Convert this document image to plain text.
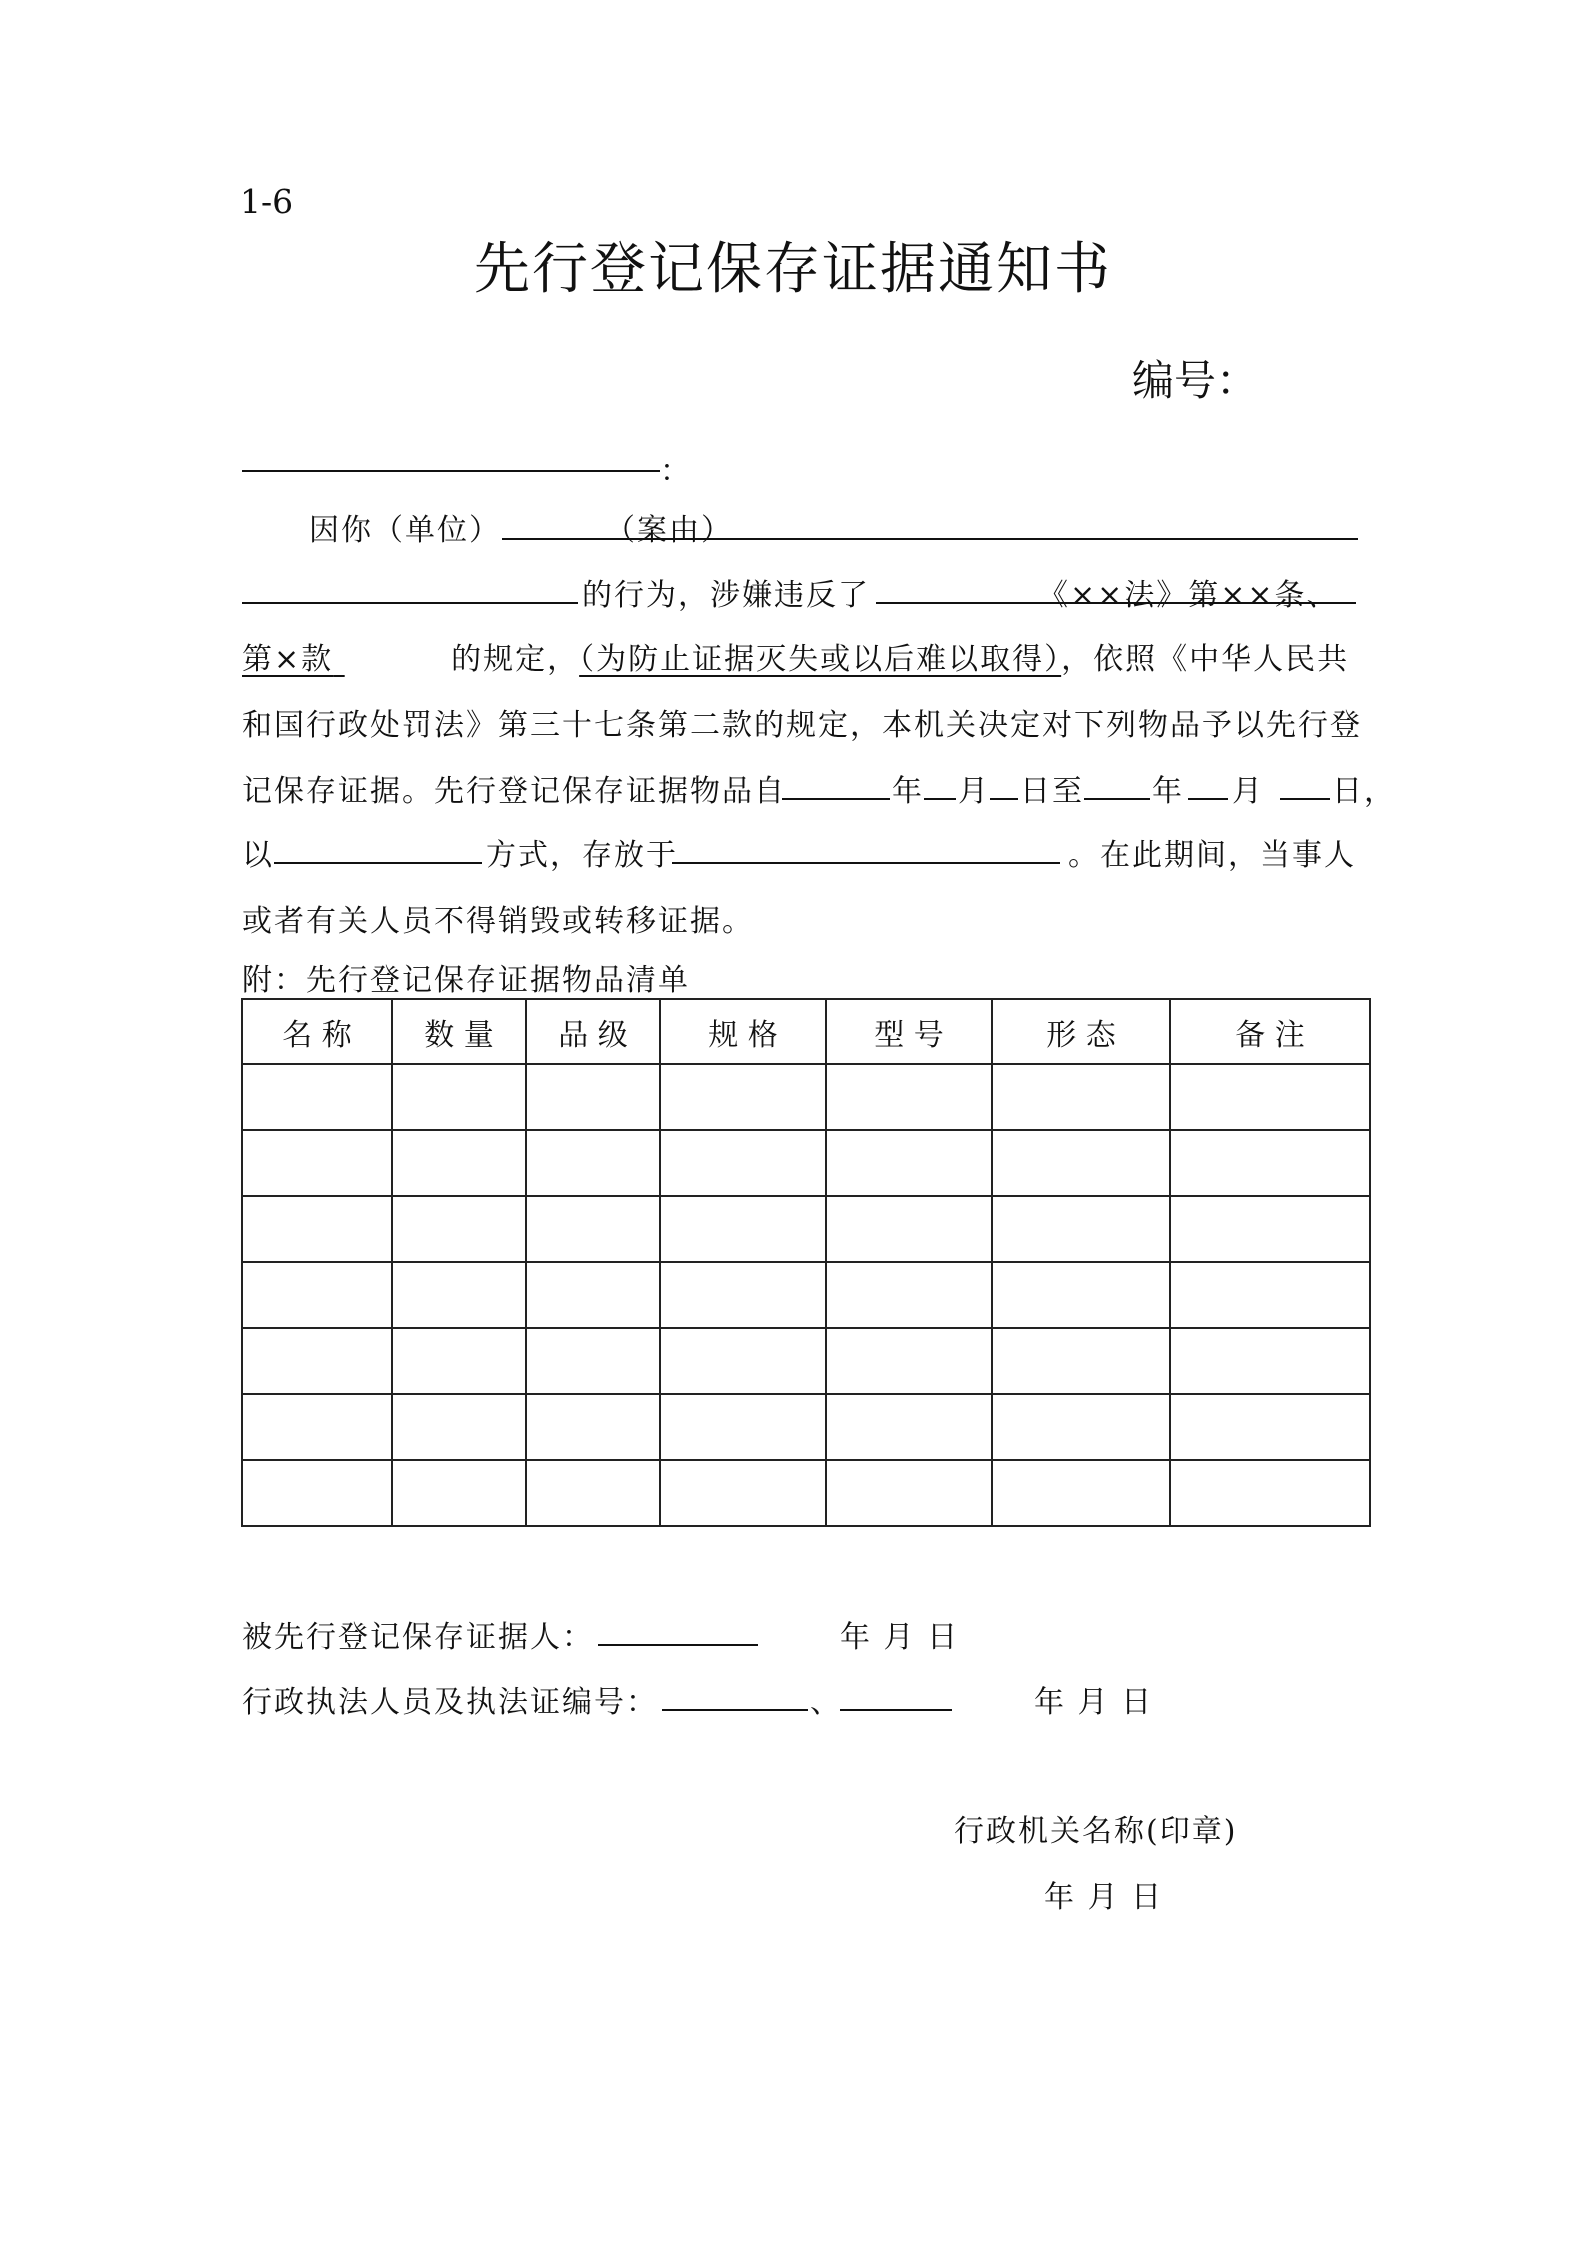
1-6
先行登记保存证据通知书
编号：
：
因你（单位）	（案由）
的行为，涉嫌违反了	《××法》第××条、
第×款	的规定，（为防止证据灭失或以后难以取得），依照《中华人民共
和国行政处罚法》第三十七条第二款的规定，本机关决定对下列物品予以先行登
记保存证据。先行登记保存证据物品自	年 月 日至 年 月 日，
以	方式，存放于	。在此期间，当事人
或者有关人员不得销毁或转移证据。
附：先行登记保存证据物品清单
名 称	数 量	品 级	规 格	型 号	形 态	备 注

被先行登记保存证据人：	年 月 日
行政执法人员及执法证编号：	、	年 月 日
行政机关名称(印章)
年 月 日
